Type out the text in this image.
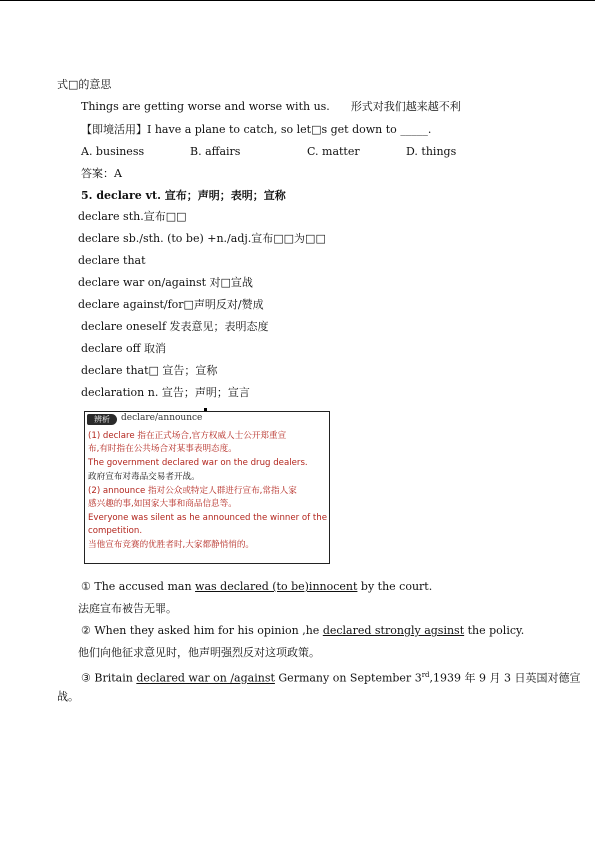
式□的意思
Things are getting worse and worse with us. 形式对我们越来越不利
【即境活用】I have a plane to catch, so let□s get down to _____.
A. business	B. affairs	C. matter	D. things
答案：A
5. declare vt. 宣布；声明；表明；宣称
declare sth.宣布□□
declare sb./sth. (to be) +n./adj.宣布□□为□□
declare that
declare war on/against 对□宣战
declare against/for□声明反对/赞成
declare oneself 发表意见；表明态度
declare off 取消
declare that□ 宣告；宣称
declaration n. 宣告；声明；宣言
辨析	declare/announce
(1) declare 指在正式场合,官方权威人士公开郑重宣
布,有时指在公共场合对某事表明态度。
The government declared war on the drug dealers.
政府宣布对毒品交易者开战。
(2) announce 指对公众或特定人群进行宣布,常指人家
感兴趣的事,如国家大事和商品信息等。
Everyone was silent as he announced the winner of the
competition.
当他宣布竞赛的优胜者时,大家都静悄悄的。
① The accused man was declared (to be)innocent by the court.
法庭宣布被告无罪。
② When they asked him for his opinion ,he declared strongly agsinst the policy.
他们向他征求意见时，他声明强烈反对这项政策。
③ Britain declared war on /against Germany on September 3rd,1939 年 9 月 3 日英国对德宣
战。
